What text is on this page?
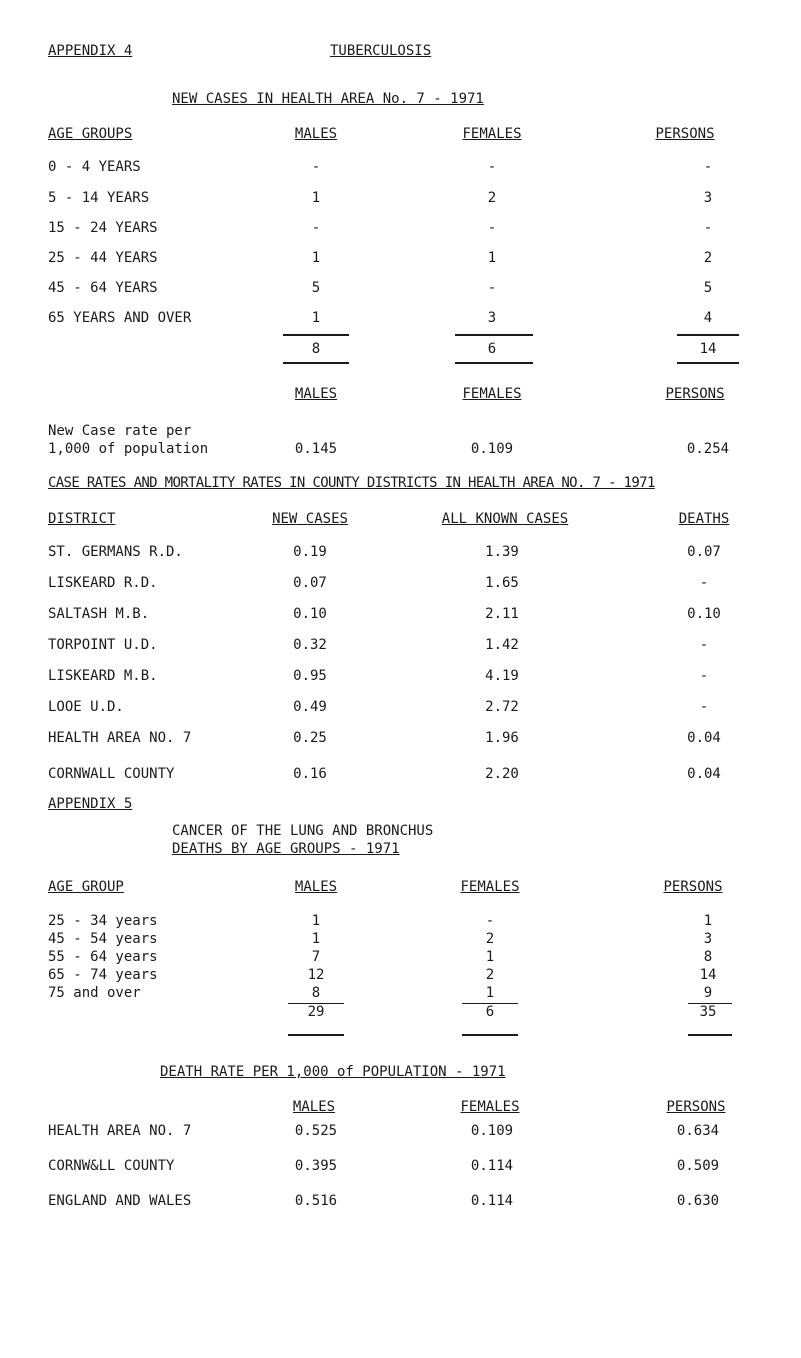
APPENDIX 4	TUBERCULOSIS
NEW CASES IN HEALTH AREA No. 7 - 1971
AGE GROUPS	MALES	FEMALES	PERSONS
0 - 4 YEARS	-	-	-
5 - 14 YEARS	1	2	3
15 - 24 YEARS	-	-	-
25 - 44 YEARS	1	1	2
45 - 64 YEARS	5	-	5
65 YEARS AND OVER	1	3	4
8	6	14
MALES	FEMALES	PERSONS
New Case rate per
1,000 of population	0.145	0.109	0.254
CASE RATES AND MORTALITY RATES IN COUNTY DISTRICTS IN HEALTH AREA NO. 7 - 1971
DISTRICT	NEW CASES	ALL KNOWN CASES	DEATHS
ST. GERMANS R.D.	0.19	1.39	0.07
LISKEARD R.D.	0.07	1.65	-
SALTASH M.B.	0.10	2.11	0.10
TORPOINT U.D.	0.32	1.42	-
LISKEARD M.B.	0.95	4.19	-
LOOE U.D.	0.49	2.72	-
HEALTH AREA NO. 7	0.25	1.96	0.04
CORNWALL COUNTY	0.16	2.20	0.04
APPENDIX 5
CANCER OF THE LUNG AND BRONCHUS
DEATHS BY AGE GROUPS - 1971
AGE GROUP	MALES	FEMALES	PERSONS
25 - 34 years	1	-	1
45 - 54 years	1	2	3
55 - 64 years	7	1	8
65 - 74 years	12	2	14
75 and over	8	1	9
29	6	35
DEATH RATE PER 1,000 of POPULATION - 1971
MALES	FEMALES	PERSONS
HEALTH AREA NO. 7	0.525	0.109	0.634
CORNW&LL COUNTY	0.395	0.114	0.509
ENGLAND AND WALES	0.516	0.114	0.630
